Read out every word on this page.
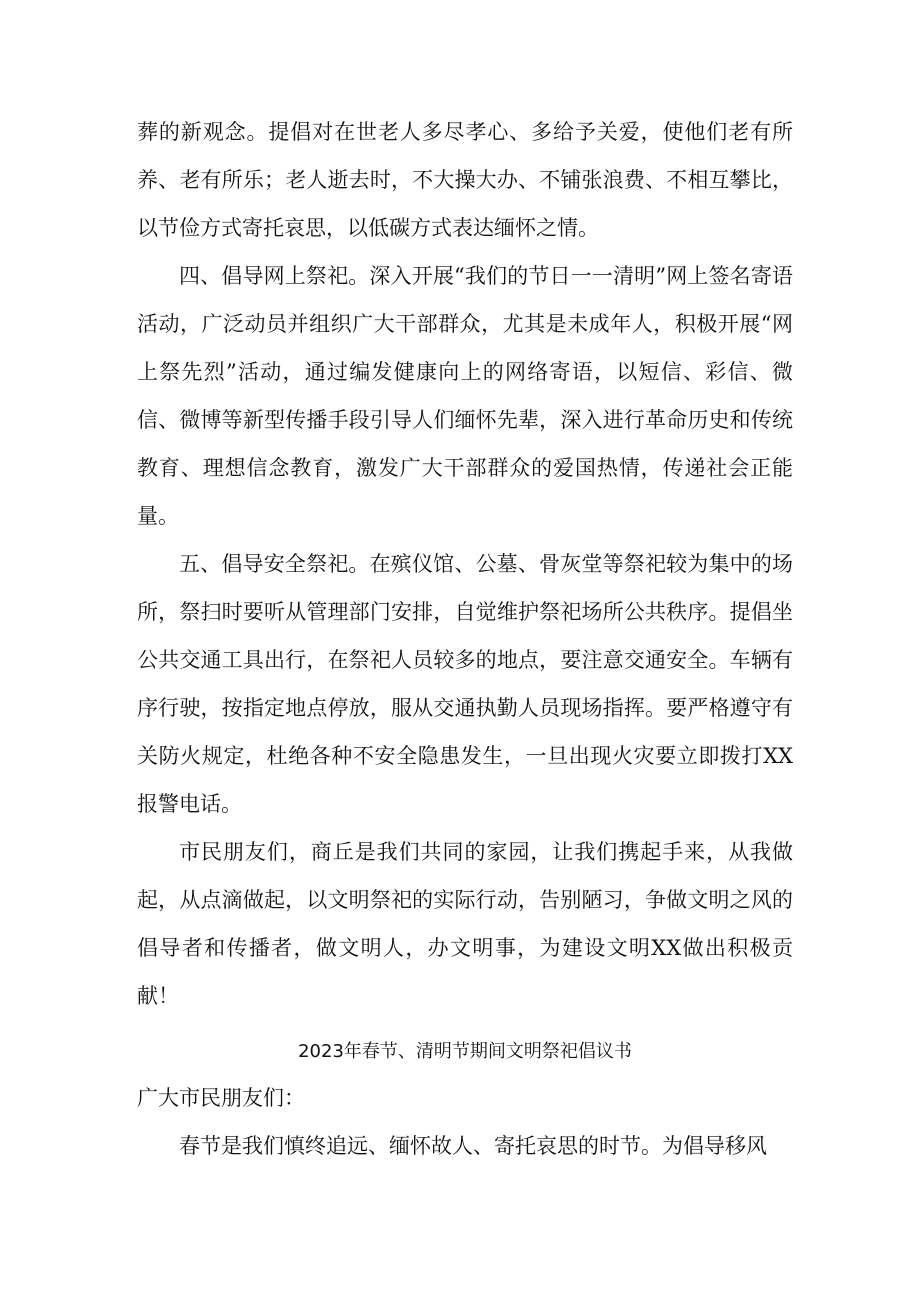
葬的新观念。提倡对在世老人多尽孝心、多给予关爱，使他们老有所养、老有所乐；老人逝去时，不大操大办、不铺张浪费、不相互攀比，以节俭方式寄托哀思，以低碳方式表达缅怀之情。

四、倡导网上祭祀。深入开展“我们的节日一一清明”网上签名寄语活动，广泛动员并组织广大干部群众，尤其是未成年人，积极开展“网上祭先烈”活动，通过编发健康向上的网络寄语，以短信、彩信、微信、微博等新型传播手段引导人们缅怀先辈，深入进行革命历史和传统教育、理想信念教育，激发广大干部群众的爱国热情，传递社会正能量。

五、倡导安全祭祀。在殡仪馆、公墓、骨灰堂等祭祀较为集中的场所，祭扫时要听从管理部门安排，自觉维护祭祀场所公共秩序。提倡坐公共交通工具出行，在祭祀人员较多的地点，要注意交通安全。车辆有序行驶，按指定地点停放，服从交通执勤人员现场指挥。要严格遵守有关防火规定，杜绝各种不安全隐患发生，一旦出现火灾要立即拨打XX报警电话。

市民朋友们，商丘是我们共同的家园，让我们携起手来，从我做起，从点滴做起，以文明祭祀的实际行动，告别陋习，争做文明之风的倡导者和传播者，做文明人，办文明事，为建设文明XX做出积极贡献！

2023年春节、清明节期间文明祭祀倡议书

广大市民朋友们：

春节是我们慎终追远、缅怀故人、寄托哀思的时节。为倡导移风
